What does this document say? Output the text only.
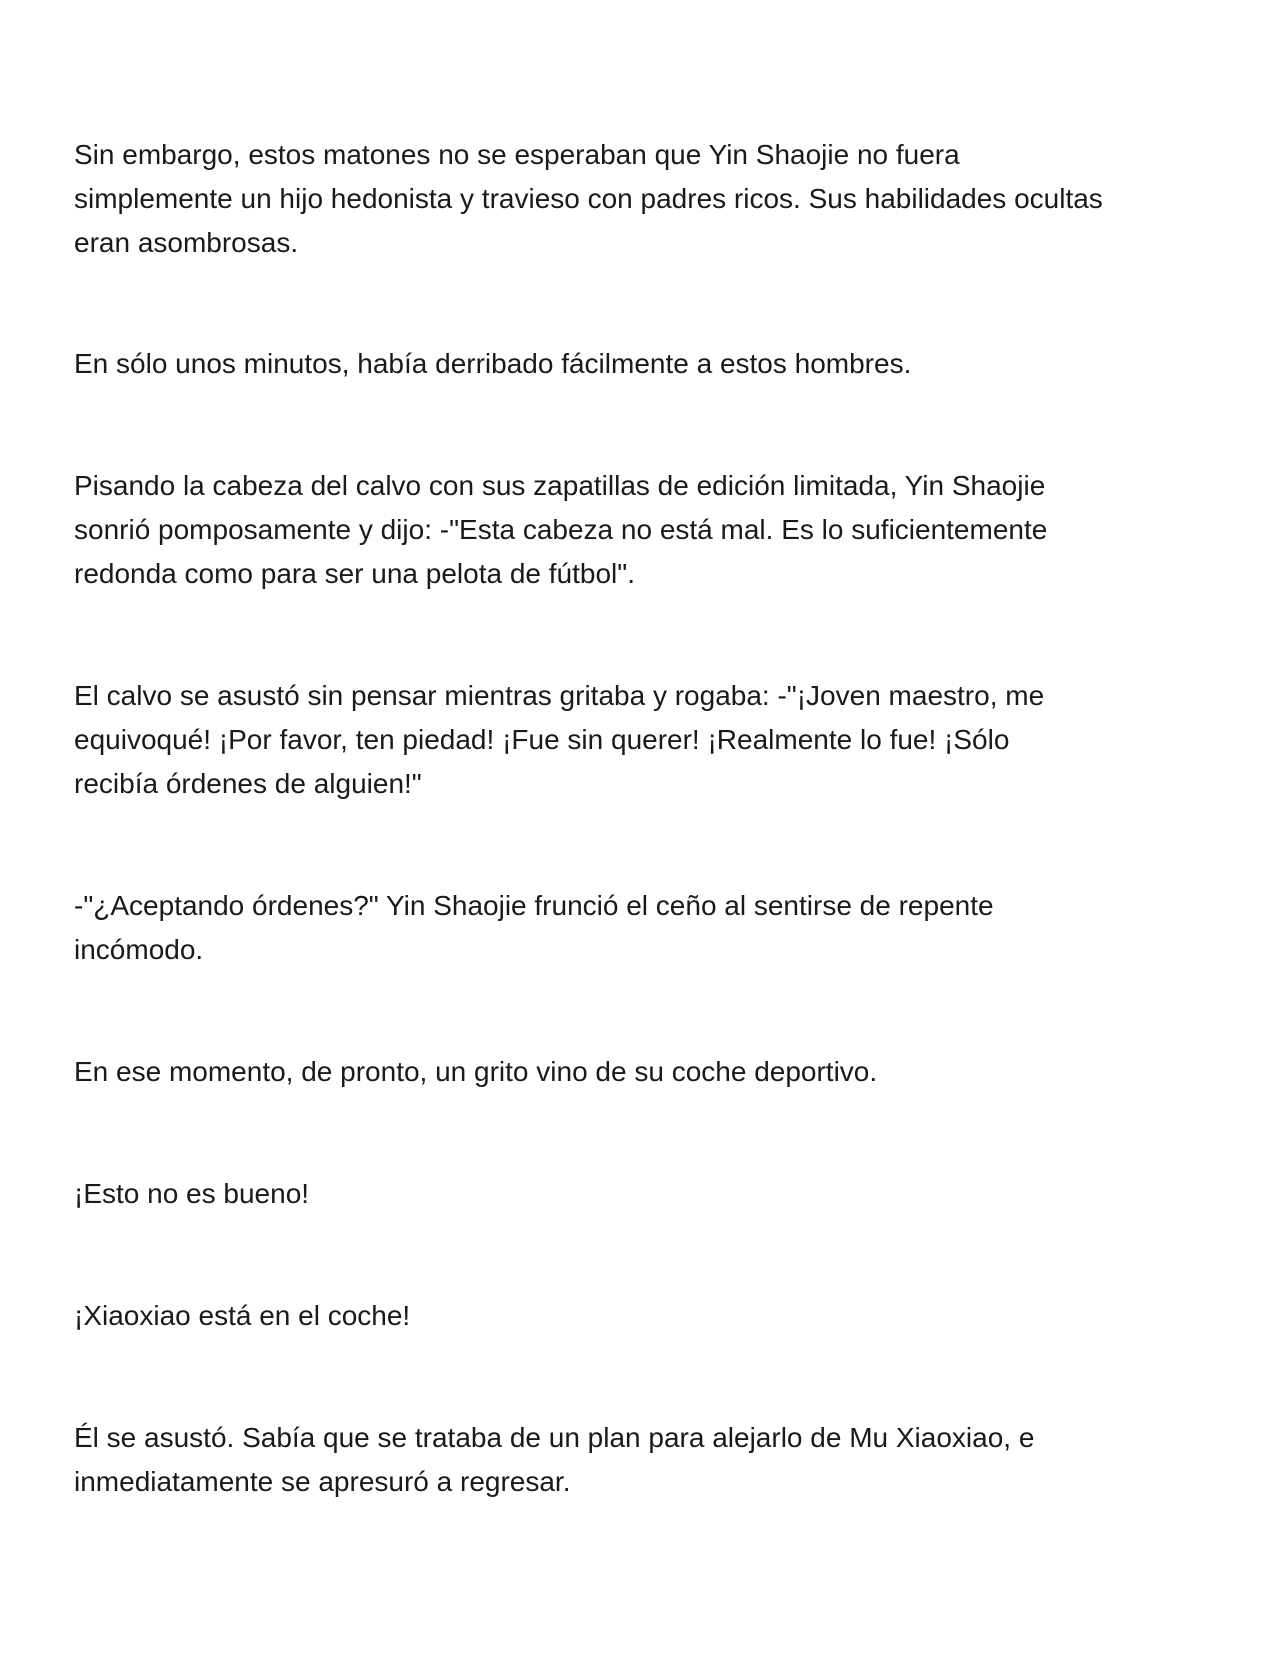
Sin embargo, estos matones no se esperaban que Yin Shaojie no fuera
simplemente un hijo hedonista y travieso con padres ricos. Sus habilidades ocultas
eran asombrosas.

En sólo unos minutos, había derribado fácilmente a estos hombres.

Pisando la cabeza del calvo con sus zapatillas de edición limitada, Yin Shaojie
sonrió pomposamente y dijo: -"Esta cabeza no está mal. Es lo suficientemente
redonda como para ser una pelota de fútbol".

El calvo se asustó sin pensar mientras gritaba y rogaba: -"¡Joven maestro, me
equivoqué! ¡Por favor, ten piedad! ¡Fue sin querer! ¡Realmente lo fue! ¡Sólo
recibía órdenes de alguien!"

-"¿Aceptando órdenes?" Yin Shaojie frunció el ceño al sentirse de repente
incómodo.

En ese momento, de pronto, un grito vino de su coche deportivo.

¡Esto no es bueno!

¡Xiaoxiao está en el coche!

Él se asustó. Sabía que se trataba de un plan para alejarlo de Mu Xiaoxiao, e
inmediatamente se apresuró a regresar.
